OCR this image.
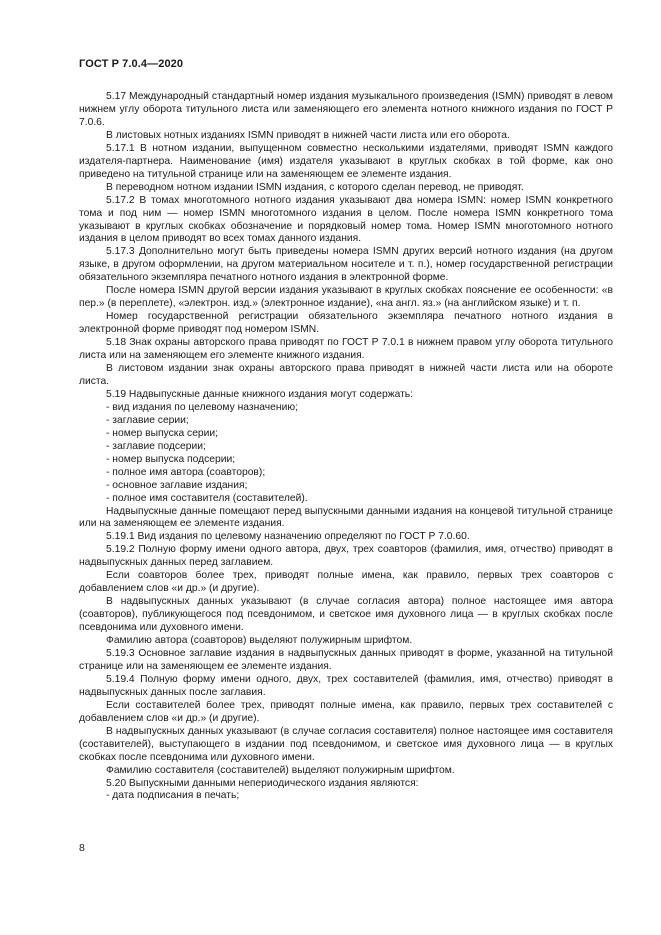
ГОСТ Р 7.0.4—2020

5.17 Международный стандартный номер издания музыкального произведения (ISMN) приводят в левом нижнем углу оборота титульного листа или заменяющего его элемента нотного книжного издания по ГОСТ Р 7.0.6.

В листовых нотных изданиях ISMN приводят в нижней части листа или его оборота.

5.17.1 В нотном издании, выпущенном совместно несколькими издателями, приводят ISMN каждого издателя-партнера. Наименование (имя) издателя указывают в круглых скобках в той форме, как оно приведено на титульной странице или на заменяющем ее элементе издания.

В переводном нотном издании ISMN издания, с которого сделан перевод, не приводят.

5.17.2 В томах многотомного нотного издания указывают два номера ISMN: номер ISMN конкретного тома и под ним — номер ISMN многотомного издания в целом. После номера ISMN конкретного тома указывают в круглых скобках обозначение и порядковый номер тома. Номер ISMN многотомного нотного издания в целом приводят во всех томах данного издания.

5.17.3 Дополнительно могут быть приведены номера ISMN других версий нотного издания (на другом языке, в другом оформлении, на другом материальном носителе и т. п.), номер государственной регистрации обязательного экземпляра печатного нотного издания в электронной форме.

После номера ISMN другой версии издания указывают в круглых скобках пояснение ее особенности: «в пер.» (в переплете), «электрон. изд.» (электронное издание), «на англ. яз.» (на английском языке) и т. п.

Номер государственной регистрации обязательного экземпляра печатного нотного издания в электронной форме приводят под номером ISMN.

5.18 Знак охраны авторского права приводят по ГОСТ Р 7.0.1 в нижнем правом углу оборота титульного листа или на заменяющем его элементе книжного издания.

В листовом издании знак охраны авторского права приводят в нижней части листа или на обороте листа.

5.19 Надвыпускные данные книжного издания могут содержать:

- вид издания по целевому назначению;

- заглавие серии;

- номер выпуска серии;

- заглавие подсерии;

- номер выпуска подсерии;

- полное имя автора (соавторов);

- основное заглавие издания;

- полное имя составителя (составителей).

Надвыпускные данные помещают перед выпускными данными издания на концевой титульной странице или на заменяющем ее элементе издания.

5.19.1 Вид издания по целевому назначению определяют по ГОСТ Р 7.0.60.

5.19.2 Полную форму имени одного автора, двух, трех соавторов (фамилия, имя, отчество) приводят в надвыпускных данных перед заглавием.

Если соавторов более трех, приводят полные имена, как правило, первых трех соавторов с добавлением слов «и др.» (и другие).

В надвыпускных данных указывают (в случае согласия автора) полное настоящее имя автора (соавторов), публикующегося под псевдонимом, и светское имя духовного лица — в круглых скобках после псевдонима или духовного имени.

Фамилию автора (соавторов) выделяют полужирным шрифтом.

5.19.3 Основное заглавие издания в надвыпускных данных приводят в форме, указанной на титульной странице или на заменяющем ее элементе издания.

5.19.4 Полную форму имени одного, двух, трех составителей (фамилия, имя, отчество) приводят в надвыпускных данных после заглавия.

Если составителей более трех, приводят полные имена, как правило, первых трех составителей с добавлением слов «и др.» (и другие).

В надвыпускных данных указывают (в случае согласия составителя) полное настоящее имя составителя (составителей), выступающего в издании под псевдонимом, и светское имя духовного лица — в круглых скобках после псевдонима или духовного имени.

Фамилию составителя (составителей) выделяют полужирным шрифтом.

5.20 Выпускными данными непериодического издания являются:

- дата подписания в печать;

8
